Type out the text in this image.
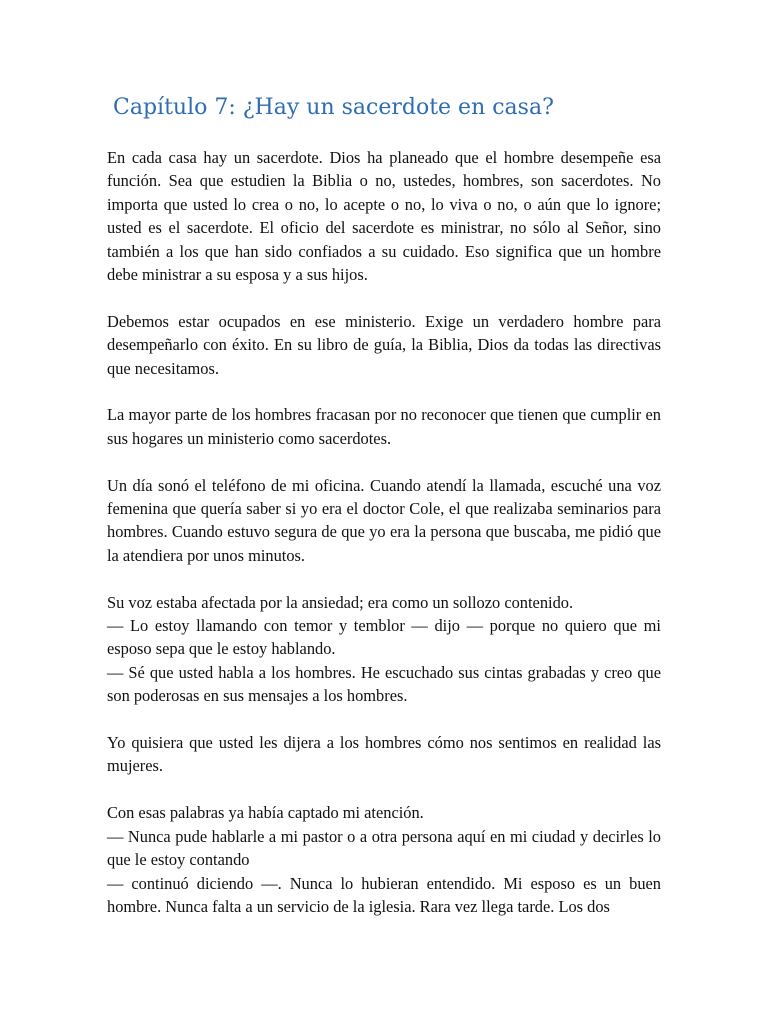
Capítulo 7: ¿Hay un sacerdote en casa?

En cada casa hay un sacerdote. Dios ha planeado que el hombre desempeñe esa función. Sea que estudien la Biblia o no, ustedes, hombres, son sacerdotes. No importa que usted lo crea o no, lo acepte o no, lo viva o no, o aún que lo ignore; usted es el sacerdote. El oficio del sacerdote es ministrar, no sólo al Señor, sino también a los que han sido confiados a su cuidado. Eso significa que un hombre debe ministrar a su esposa y a sus hijos.

Debemos estar ocupados en ese ministerio. Exige un verdadero hombre para desempeñarlo con éxito. En su libro de guía, la Biblia, Dios da todas las directivas que necesitamos.

La mayor parte de los hombres fracasan por no reconocer que tienen que cumplir en sus hogares un ministerio como sacerdotes.

Un día sonó el teléfono de mi oficina. Cuando atendí la llamada, escuché una voz femenina que quería saber si yo era el doctor Cole, el que realizaba seminarios para hombres. Cuando estuvo segura de que yo era la persona que buscaba, me pidió que la atendiera por unos minutos.

Su voz estaba afectada por la ansiedad; era como un sollozo contenido.
— Lo estoy llamando con temor y temblor — dijo — porque no quiero que mi esposo sepa que le estoy hablando.
— Sé que usted habla a los hombres. He escuchado sus cintas grabadas y creo que son poderosas en sus mensajes a los hombres.

Yo quisiera que usted les dijera a los hombres cómo nos sentimos en realidad las mujeres.

Con esas palabras ya había captado mi atención.
— Nunca pude hablarle a mi pastor o a otra persona aquí en mi ciudad y decirles lo que le estoy contando
— continuó diciendo —. Nunca lo hubieran entendido. Mi esposo es un buen hombre. Nunca falta a un servicio de la iglesia. Rara vez llega tarde. Los dos
